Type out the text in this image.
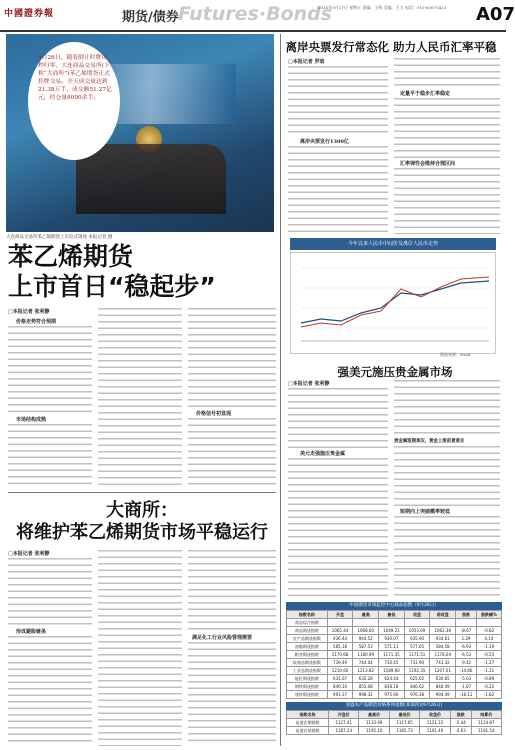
中國證券報	期货/债券 Futures·Bonds
2015年9月27日 星期五 责编：王辉 美编：王力 电话：010-63070433	A07
9月26日，随着倒计时牌读秒归零，大连商品交易所(下称“大商所”)苯乙烯期货正式挂牌交易。全天成交量达到21.38万手，成交额51.27亿元，持仓量8000余手。
大连商品交易所苯乙烯期货上市仪式现场 本报记者 摄
苯乙烯期货
上市首日“稳起步”
□本报记者 张利静
价格走势符合预期
市场结构成熟
价格信号初显现
大商所：
将维护苯乙烯期货市场平稳运行
□本报记者 张利静
形成避险链条
满足化工行业风险管理需要
离岸央票发行常态化 助力人民币汇率平稳
□本报记者 罗晗
离岸央票发行1300亿
定量平于稳步汇率稳定
汇率弹性会维持合理区间
今年以来人民币中间价及离岸人民币走势
数据来源：Wind
强美元施压贵金属市场
□本报记者 张利静
美元走强施压贵金属
贵金属短期承压，黄金上涨前景难言
短期向上突破概率较低
中国期货市场监控中心商品指数（9月26日）
指数名称	开盘	最高	最低	收盘	前收盘	涨跌	涨跌幅%
商品综合指数							
商品期货指数	1065.44	1068.00	1049.21	1053.69	1062.36	-8.67	-0.82
农产品期货指数	936.44	944.52	930.07	935.90	934.61	1.29	0.14
油脂期货指数	585.18	587.53	571.11	577.65	584.58	-6.93	-1.19
粮食期货指数	1170.68	1180.99	1171.35	1171.51	1178.04	-6.53	-0.55
软商品期货指数	739.49	744.04	730.45	731.90	741.32	-9.42	-1.27
工业品期货指数	1210.60	1213.82	1189.60	1192.35	1207.01	-14.66	-1.21
能化期货指数	631.07	635.28	624.44	625.02	630.65	-5.63	-0.89
钢铁期货指数	849.10	855.08	838.18	846.62	848.49	-1.87	-0.22
建材期货指数	993.37	998.32	975.90	976.38	994.49	-18.11	-1.82
易盛农产品期货价格系列指数(郑商所)(9月26日)
指数名称	开盘价	最高价	最低价	收盘价	涨跌	结算价
易盛农期指数	1127.41	1133.69	1117.65	1121.12	-5.44	1124.87
易盛农基指数	1187.24	1195.10	1185.73	1191.40	-2.63	1191.54
